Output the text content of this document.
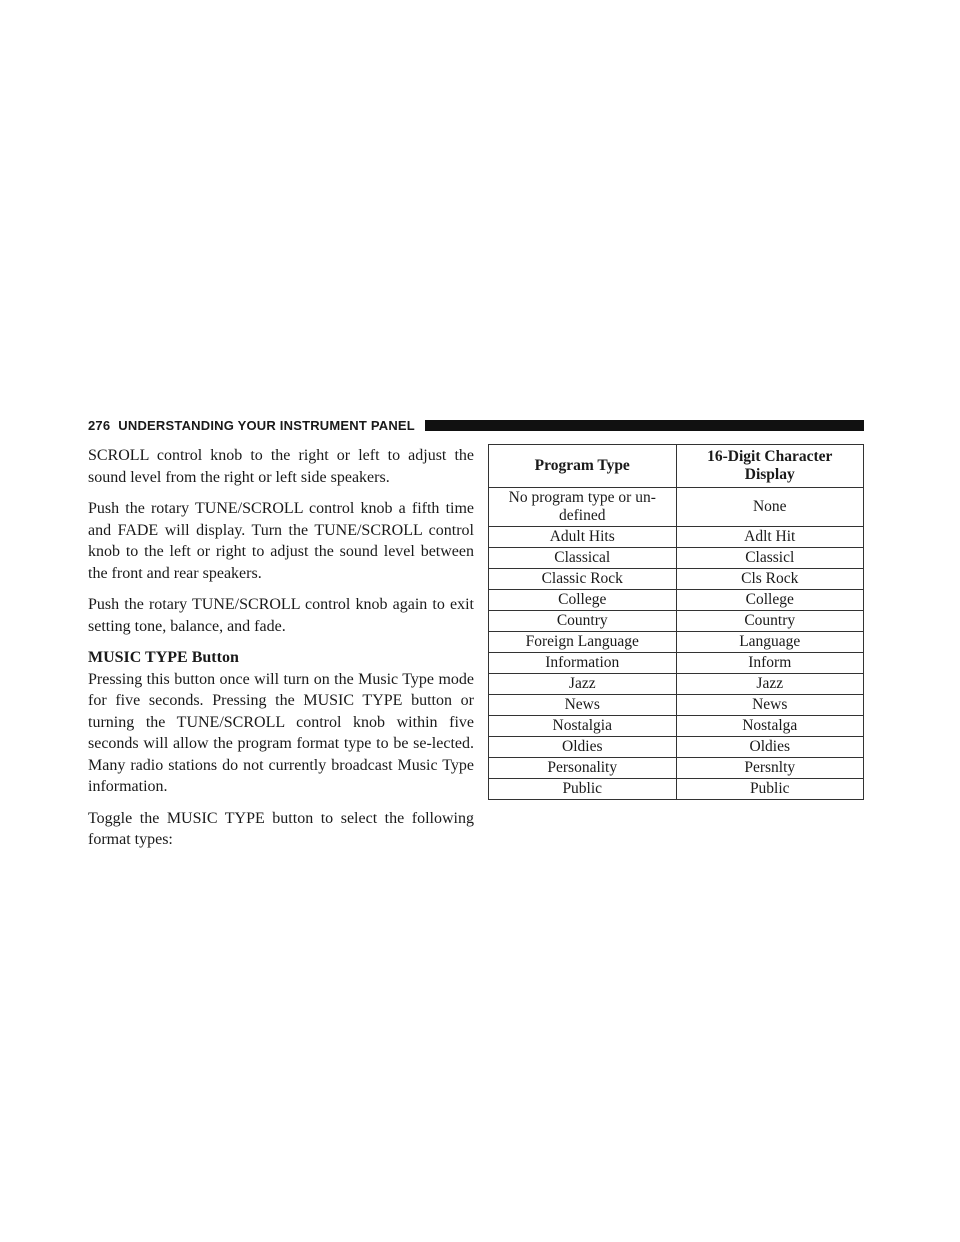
276 UNDERSTANDING YOUR INSTRUMENT PANEL

SCROLL control knob to the right or left to adjust the sound level from the right or left side speakers.

Push the rotary TUNE/SCROLL control knob a fifth time and FADE will display. Turn the TUNE/SCROLL control knob to the left or right to adjust the sound level between the front and rear speakers.

Push the rotary TUNE/SCROLL control knob again to exit setting tone, balance, and fade.

MUSIC TYPE Button

Pressing this button once will turn on the Music Type mode for five seconds. Pressing the MUSIC TYPE button or turning the TUNE/SCROLL control knob within five seconds will allow the program format type to be se-lected. Many radio stations do not currently broadcast Music Type information.

Toggle the MUSIC TYPE button to select the following format types:

Program Type	16-Digit Character Display
No program type or un-defined	None
Adult Hits	Adlt Hit
Classical	Classicl
Classic Rock	Cls Rock
College	College
Country	Country
Foreign Language	Language
Information	Inform
Jazz	Jazz
News	News
Nostalgia	Nostalga
Oldies	Oldies
Personality	Persnlty
Public	Public
